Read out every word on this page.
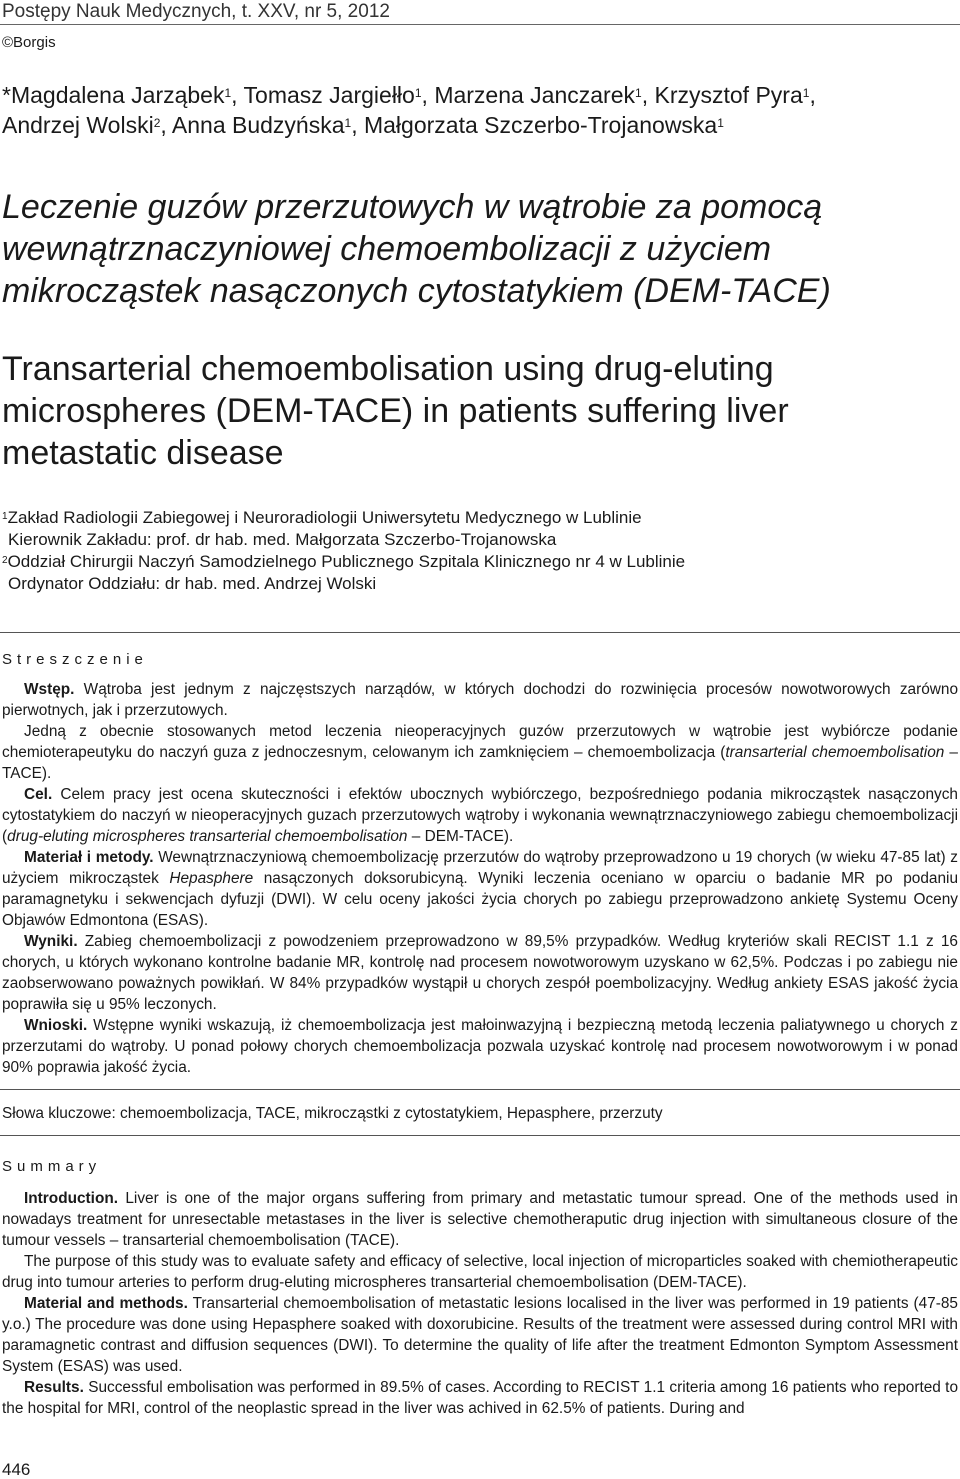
Postępy Nauk Medycznych, t. XXV, nr 5, 2012
©Borgis
*Magdalena Jarząbek$^1$, Tomasz Jargiełło$^1$, Marzena Janczarek$^1$, Krzysztof Pyra$^1$,
Andrzej Wolski$^2$, Anna Budzyńska$^1$, Małgorzata Szczerbo-Trojanowska$^1$
Leczenie guzów przerzutowych w wątrobie za pomocą
wewnątrznaczyniowej chemoembolizacji z użyciem
mikrocząstek nasączonych cytostatykiem (DEM-TACE)
Transarterial chemoembolisation using drug-eluting
microspheres (DEM-TACE) in patients suffering liver
metastatic disease

$^1$Zakład Radiologii Zabiegowej i Neuroradiologii Uniwersytetu Medycznego w Lublinie

Kierownik Zakładu: prof. dr hab. med. Małgorzata Szczerbo-Trojanowska

$^2$Oddział Chirurgii Naczyń Samodzielnego Publicznego Szpitala Klinicznego nr 4 w Lublinie

Ordynator Oddziału: dr hab. med. Andrzej Wolski

Streszczenie

Wstęp. Wątroba jest jednym z najczęstszych narządów, w których dochodzi do rozwinięcia procesów nowotworowych zarówno pierwotnych, jak i przerzutowych.

Jedną z obecnie stosowanych metod leczenia nieoperacyjnych guzów przerzutowych w wątrobie jest wybiórcze podanie chemioterapeutyku do naczyń guza z jednoczesnym, celowanym ich zamknięciem – chemoembolizacja (transarterial chemoembolisation – TACE).

Cel. Celem pracy jest ocena skuteczności i efektów ubocznych wybiórczego, bezpośredniego podania mikrocząstek nasączonych cytostatykiem do naczyń w nieoperacyjnych guzach przerzutowych wątroby i wykonania wewnątrznaczyniowego zabiegu chemoembolizacji (drug-eluting microspheres transarterial chemoembolisation – DEM-TACE).

Materiał i metody. Wewnątrznaczyniową chemoembolizację przerzutów do wątroby przeprowadzono u 19 chorych (w wieku 47-85 lat) z użyciem mikrocząstek Hepasphere nasączonych doksorubicyną. Wyniki leczenia oceniano w oparciu o badanie MR po podaniu paramagnetyku i sekwencjach dyfuzji (DWI). W celu oceny jakości życia chorych po zabiegu przeprowadzono ankietę Systemu Oceny Objawów Edmontona (ESAS).

Wyniki. Zabieg chemoembolizacji z powodzeniem przeprowadzono w 89,5% przypadków. Według kryteriów skali RECIST 1.1 z 16 chorych, u których wykonano kontrolne badanie MR, kontrolę nad procesem nowotworowym uzyskano w 62,5%. Podczas i po zabiegu nie zaobserwowano poważnych powikłań. W 84% przypadków wystąpił u chorych zespół poembolizacyjny. Według ankiety ESAS jakość życia poprawiła się u 95% leczonych.

Wnioski. Wstępne wyniki wskazują, iż chemoembolizacja jest małoinwazyjną i bezpieczną metodą leczenia paliatywnego u chorych z przerzutami do wątroby. U ponad połowy chorych chemoembolizacja pozwala uzyskać kontrolę nad procesem nowotworowym i w ponad 90% poprawia jakość życia.

Słowa kluczowe: chemoembolizacja, TACE, mikrocząstki z cytostatykiem, Hepasphere, przerzuty
Summary

Introduction. Liver is one of the major organs suffering from primary and metastatic tumour spread. One of the methods used in nowadays treatment for unresectable metastases in the liver is selective chemotheraputic drug injection with simultaneous closure of the tumour vessels – transarterial chemoembolisation (TACE).

The purpose of this study was to evaluate safety and efficacy of selective, local injection of microparticles soaked with chemiotherapeutic drug into tumour arteries to perform drug-eluting microspheres transarterial chemoembolisation (DEM-TACE).

Material and methods. Transarterial chemoembolisation of metastatic lesions localised in the liver was performed in 19 patients (47-85 y.o.) The procedure was done using Hepasphere soaked with doxorubicine. Results of the treatment were assessed during control MRI with paramagnetic contrast and diffusion sequences (DWI). To determine the quality of life after the treatment Edmonton Symptom Assessment System (ESAS) was used.

Results. Successful embolisation was performed in 89.5% of cases. According to RECIST 1.1 criteria among 16 patients who reported to the hospital for MRI, control of the neoplastic spread in the liver was achived in 62.5% of patients. During and

446
